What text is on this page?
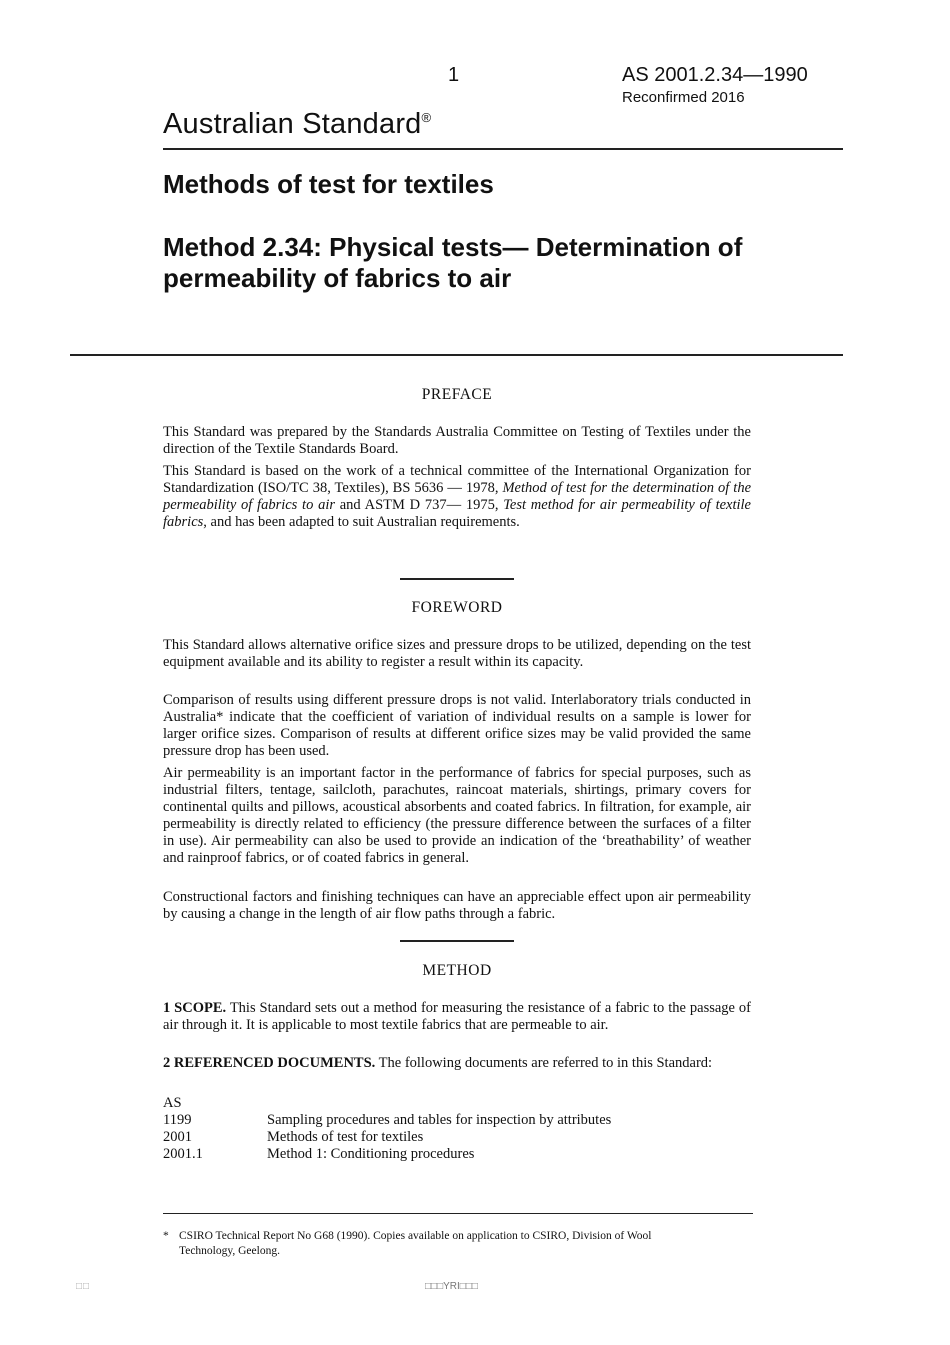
1	AS 2001.2.34—1990
Reconfirmed 2016
Australian Standard®
Methods of test for textiles
Method 2.34: Physical tests— Determination of permeability of fabrics to air
PREFACE

This Standard was prepared by the Standards Australia Committee on Testing of Textiles under the direction of the Textile Standards Board.

This Standard is based on the work of a technical committee of the International Organization for Standardization (ISO/TC 38, Textiles), BS 5636 — 1978, Method of test for the determination of the permeability of fabrics to air and ASTM D 737— 1975, Test method for air permeability of textile fabrics, and has been adapted to suit Australian requirements.

FOREWORD

This Standard allows alternative orifice sizes and pressure drops to be utilized, depending on the test equipment available and its ability to register a result within its capacity.

Comparison of results using different pressure drops is not valid. Interlaboratory trials conducted in Australia* indicate that the coefficient of variation of individual results on a sample is lower for larger orifice sizes. Comparison of results at different orifice sizes may be valid provided the same pressure drop has been used.

Air permeability is an important factor in the performance of fabrics for special purposes, such as industrial filters, tentage, sailcloth, parachutes, raincoat materials, shirtings, primary covers for continental quilts and pillows, acoustical absorbents and coated fabrics. In filtration, for example, air permeability is directly related to efficiency (the pressure difference between the surfaces of a filter in use). Air permeability can also be used to provide an indication of the ‘breathability’ of weather and rainproof fabrics, or of coated fabrics in general.

Constructional factors and finishing techniques can have an appreciable effect upon air permeability by causing a change in the length of air flow paths through a fabric.

METHOD

1 SCOPE. This Standard sets out a method for measuring the resistance of a fabric to the passage of air through it. It is applicable to most textile fabrics that are permeable to air.

2 REFERENCED DOCUMENTS. The following documents are referred to in this Standard:

AS
1199	Sampling procedures and tables for inspection by attributes
2001	Methods of test for textiles
2001.1	Method 1: Conditioning procedures
* CSIRO Technical Report No G68 (1990). Copies available on application to CSIRO, Division of Wool
Technology, Geelong.
□□	□□□YRI□□□
